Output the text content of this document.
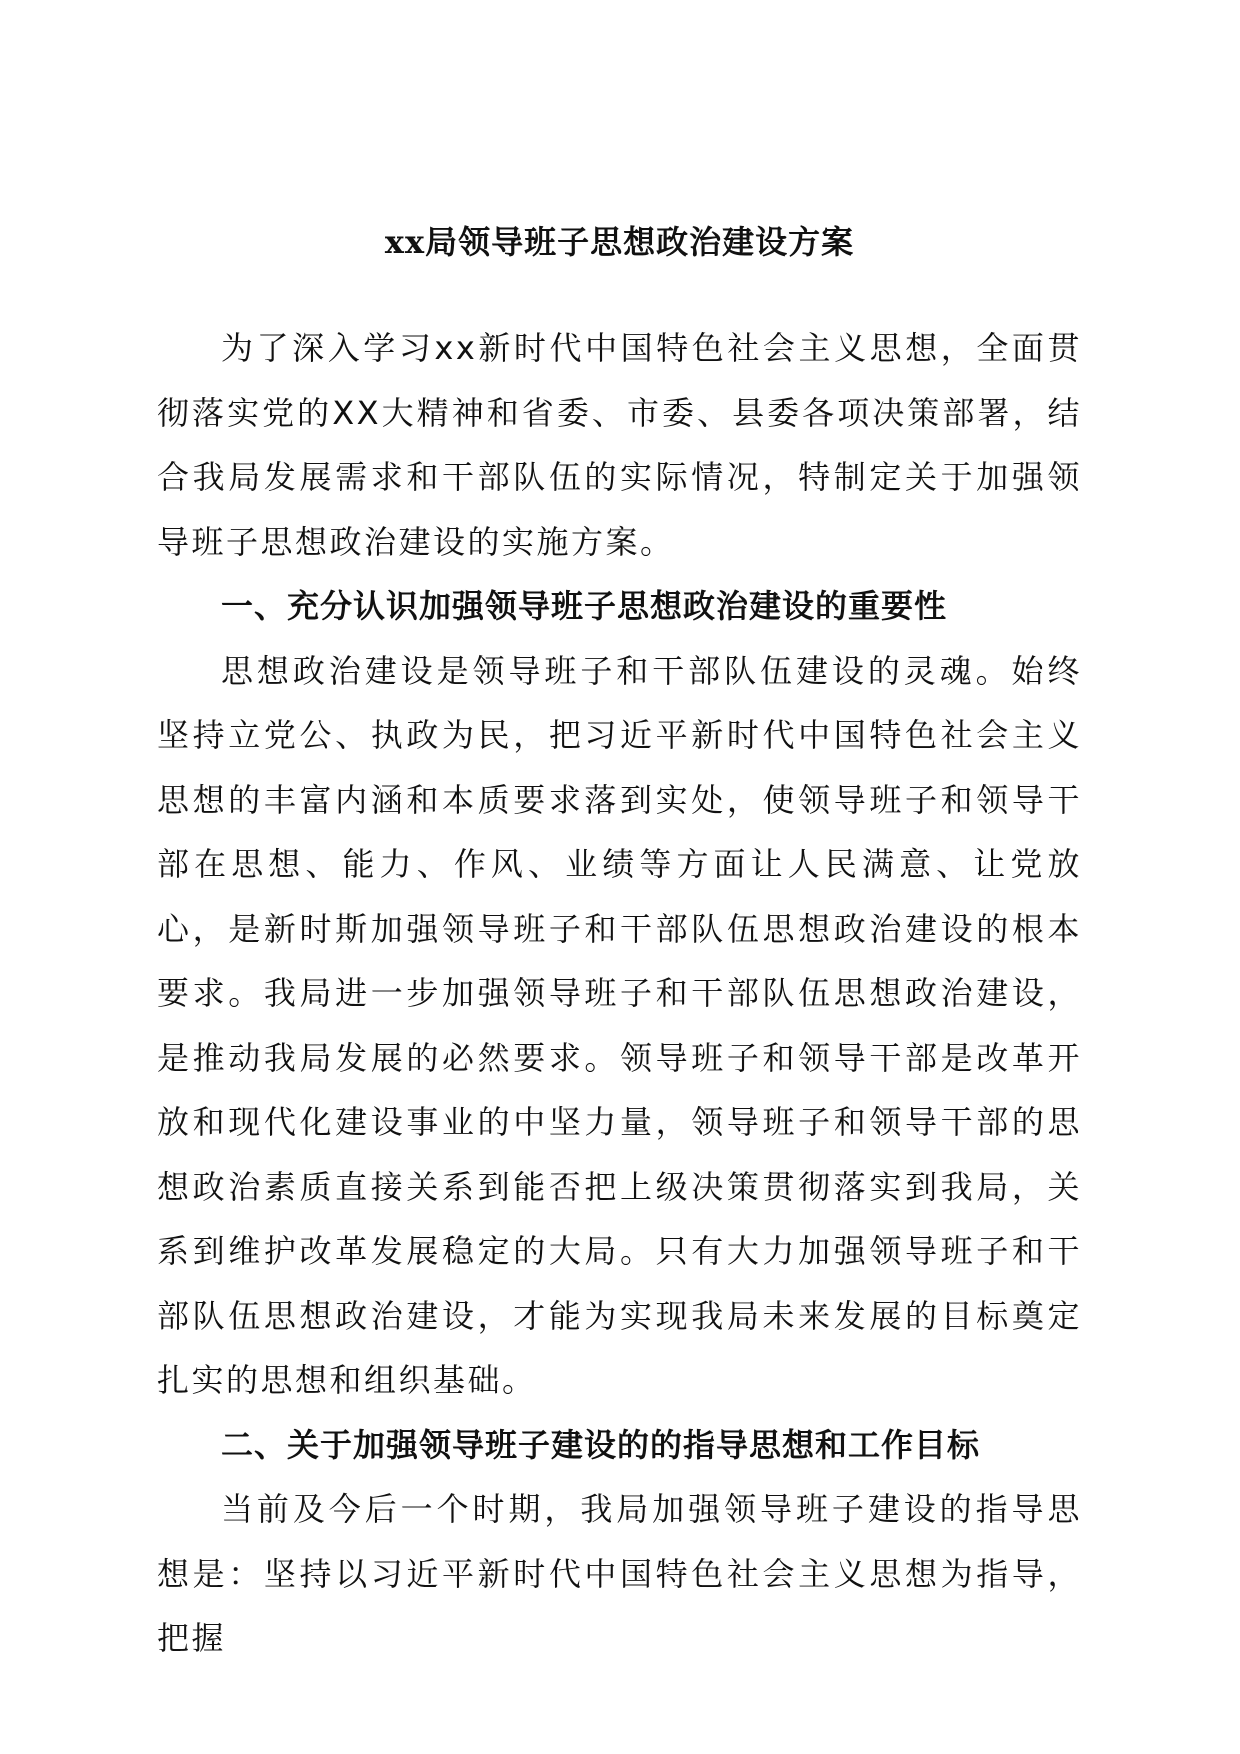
xx局领导班子思想政治建设方案

为了深入学习xx新时代中国特色社会主义思想，全面贯彻落实党的XX大精神和省委、市委、县委各项决策部署，结合我局发展需求和干部队伍的实际情况，特制定关于加强领导班子思想政治建设的实施方案。

一、充分认识加强领导班子思想政治建设的重要性

思想政治建设是领导班子和干部队伍建设的灵魂。始终坚持立党公、执政为民，把习近平新时代中国特色社会主义思想的丰富内涵和本质要求落到实处，使领导班子和领导干部在思想、能力、作风、业绩等方面让人民满意、让党放心，是新时斯加强领导班子和干部队伍思想政治建设的根本要求。我局进一步加强领导班子和干部队伍思想政治建设，是推动我局发展的必然要求。领导班子和领导干部是改革开放和现代化建设事业的中坚力量，领导班子和领导干部的思想政治素质直接关系到能否把上级决策贯彻落实到我局，关系到维护改革发展稳定的大局。只有大力加强领导班子和干部队伍思想政治建设，才能为实现我局未来发展的目标奠定扎实的思想和组织基础。

二、关于加强领导班子建设的的指导思想和工作目标

当前及今后一个时期，我局加强领导班子建设的指导思想是：坚持以习近平新时代中国特色社会主义思想为指导，把握
